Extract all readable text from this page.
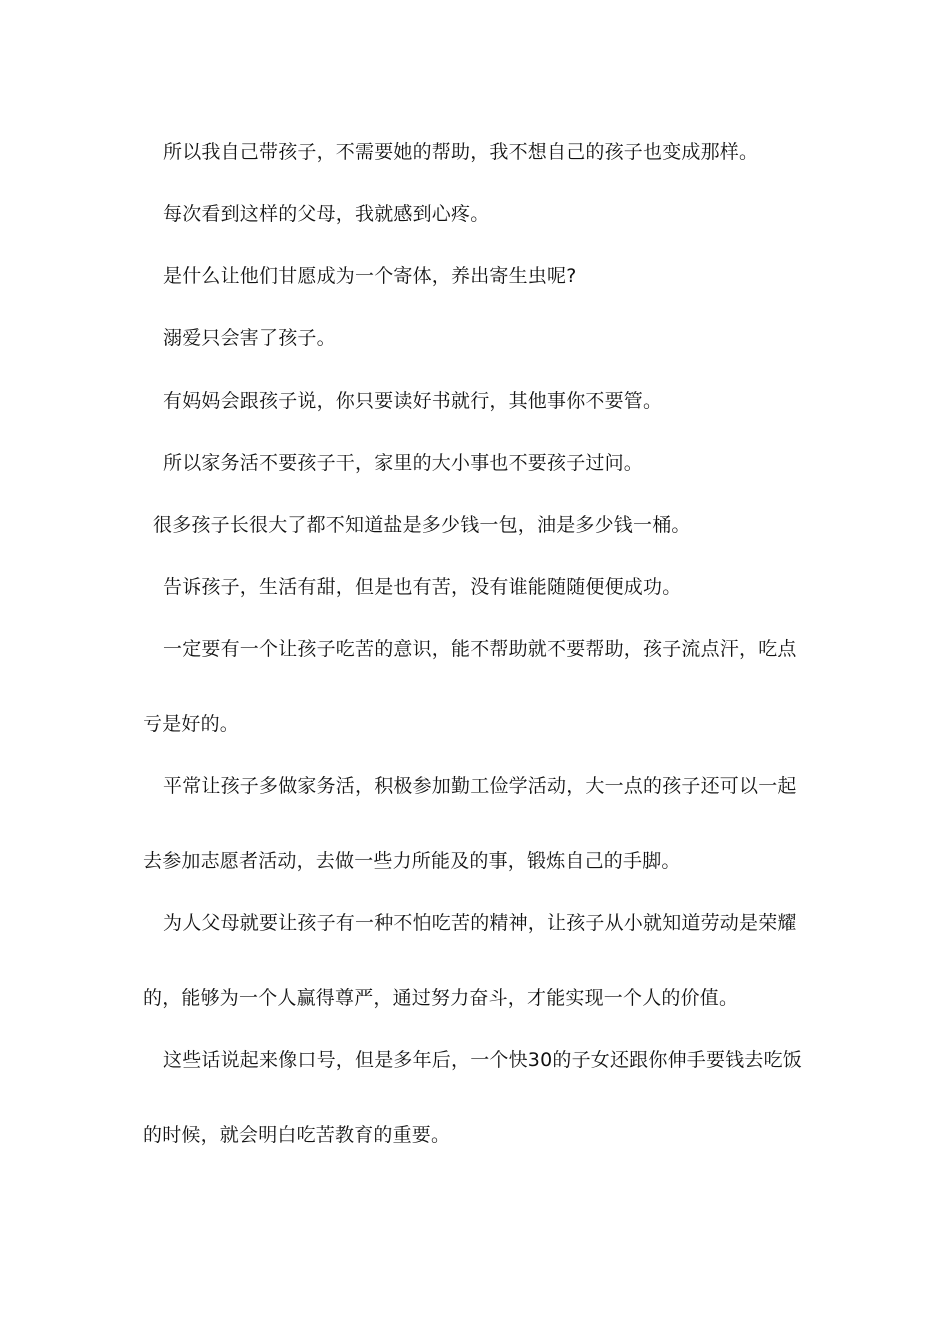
所以我自己带孩子，不需要她的帮助，我不想自己的孩子也变成那样。
每次看到这样的父母，我就感到心疼。
是什么让他们甘愿成为一个寄体，养出寄生虫呢?
溺爱只会害了孩子。
有妈妈会跟孩子说，你只要读好书就行，其他事你不要管。
所以家务活不要孩子干，家里的大小事也不要孩子过问。
很多孩子长很大了都不知道盐是多少钱一包，油是多少钱一桶。
告诉孩子，生活有甜，但是也有苦，没有谁能随随便便成功。
一定要有一个让孩子吃苦的意识，能不帮助就不要帮助，孩子流点汗，吃点
亏是好的。
平常让孩子多做家务活，积极参加勤工俭学活动，大一点的孩子还可以一起
去参加志愿者活动，去做一些力所能及的事，锻炼自己的手脚。
为人父母就要让孩子有一种不怕吃苦的精神，让孩子从小就知道劳动是荣耀
的，能够为一个人赢得尊严，通过努力奋斗，才能实现一个人的价值。
这些话说起来像口号，但是多年后，一个快30的子女还跟你伸手要钱去吃饭
的时候，就会明白吃苦教育的重要。
